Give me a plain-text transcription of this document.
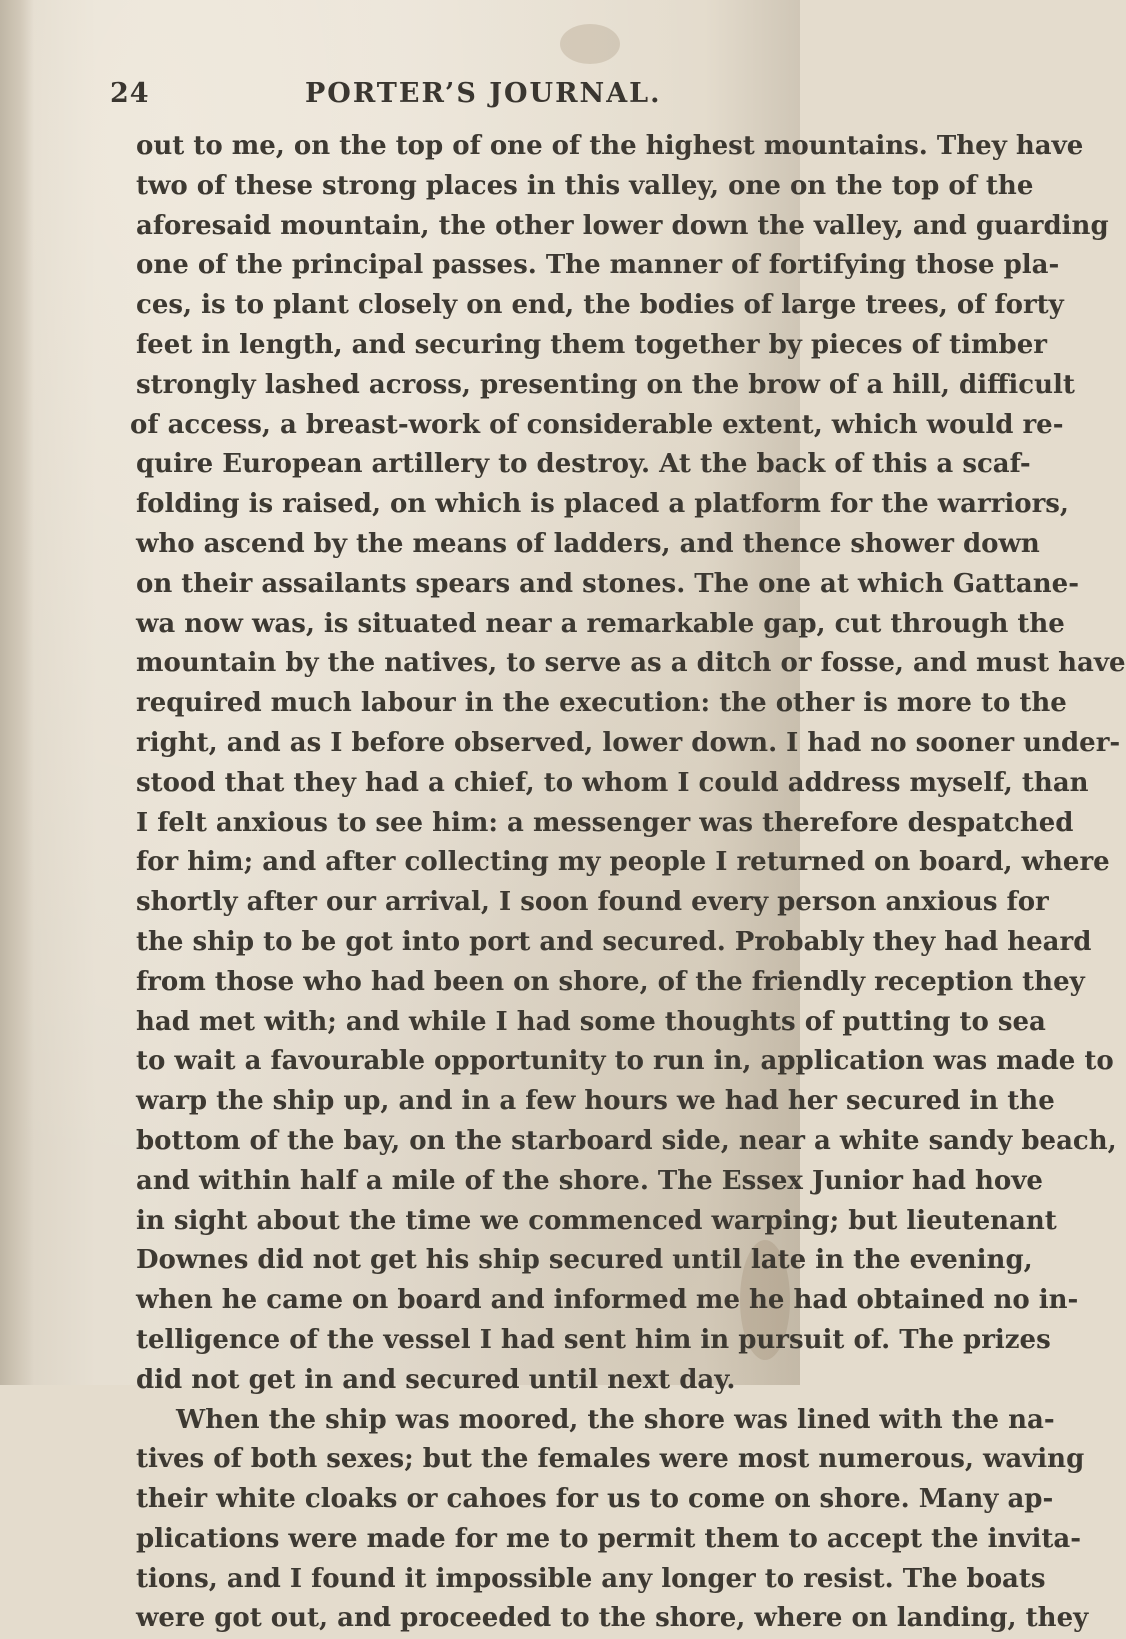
24	PORTER’S JOURNAL.
out to me, on the top of one of the highest mountains. They have
two of these strong places in this valley, one on the top of the
aforesaid mountain, the other lower down the valley, and guarding
one of the principal passes. The manner of fortifying those pla-
ces, is to plant closely on end, the bodies of large trees, of forty
feet in length, and securing them together by pieces of timber
strongly lashed across, presenting on the brow of a hill, difficult
of access, a breast-work of considerable extent, which would re-
quire European artillery to destroy. At the back of this a scaf-
folding is raised, on which is placed a platform for the warriors,
who ascend by the means of ladders, and thence shower down
on their assailants spears and stones. The one at which Gattane-
wa now was, is situated near a remarkable gap, cut through the
mountain by the natives, to serve as a ditch or fosse, and must have
required much labour in the execution: the other is more to the
right, and as I before observed, lower down. I had no sooner under-
stood that they had a chief, to whom I could address myself, than
I felt anxious to see him: a messenger was therefore despatched
for him; and after collecting my people I returned on board, where
shortly after our arrival, I soon found every person anxious for
the ship to be got into port and secured. Probably they had heard
from those who had been on shore, of the friendly reception they
had met with; and while I had some thoughts of putting to sea
to wait a favourable opportunity to run in, application was made to
warp the ship up, and in a few hours we had her secured in the
bottom of the bay, on the starboard side, near a white sandy beach,
and within half a mile of the shore. The Essex Junior had hove
in sight about the time we commenced warping; but lieutenant
Downes did not get his ship secured until late in the evening,
when he came on board and informed me he had obtained no in-
telligence of the vessel I had sent him in pursuit of. The prizes
did not get in and secured until next day.
When the ship was moored, the shore was lined with the na-
tives of both sexes; but the females were most numerous, waving
their white cloaks or cahoes for us to come on shore. Many ap-
plications were made for me to permit them to accept the invita-
tions, and I found it impossible any longer to resist. The boats
were got out, and proceeded to the shore, where on landing, they
